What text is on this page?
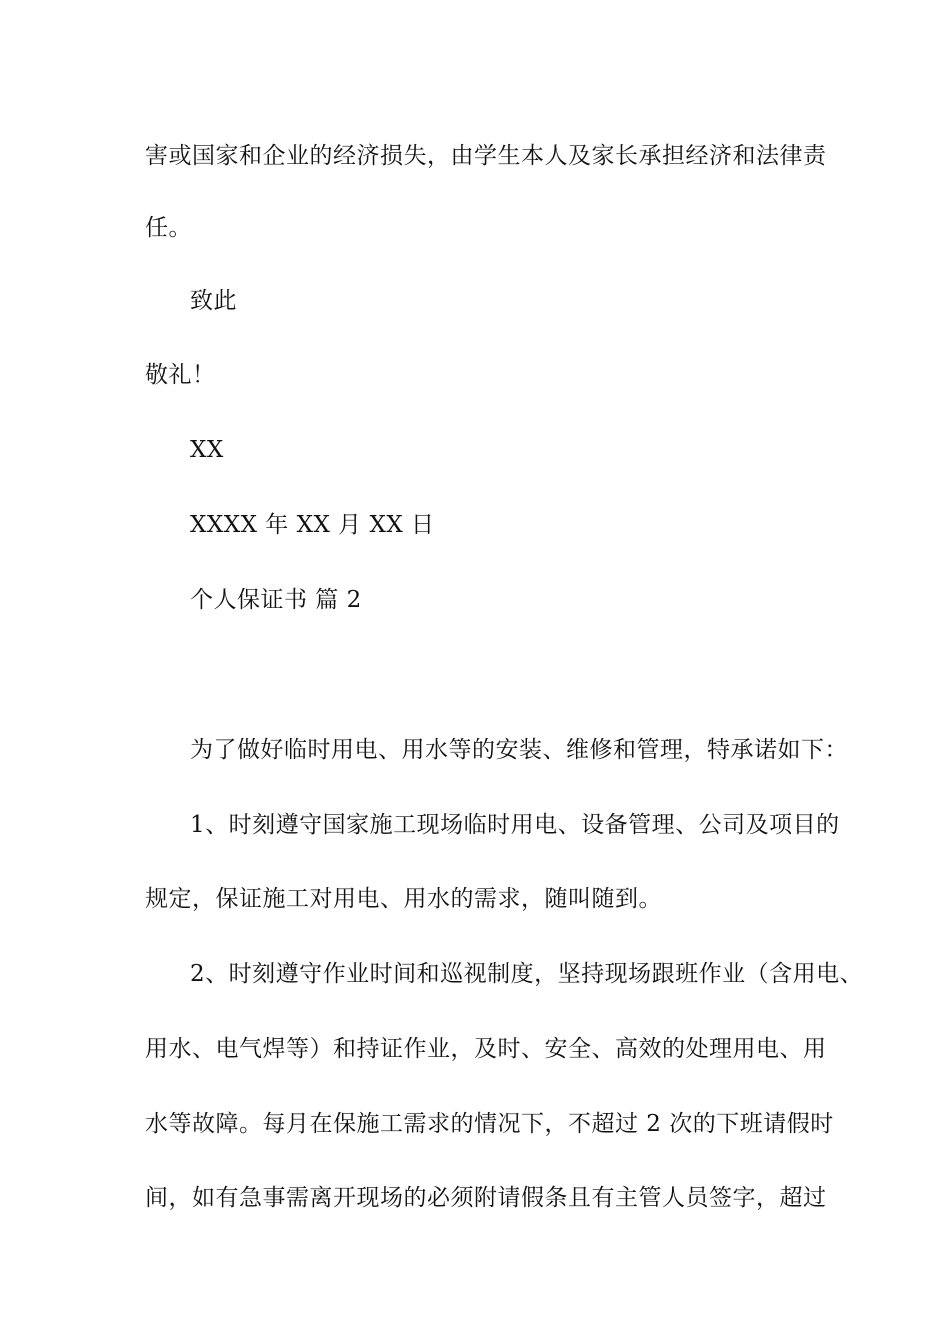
害或国家和企业的经济损失，由学生本人及家长承担经济和法律责
任。
致此
敬礼！
XX
XXXX 年 XX 月 XX 日
个人保证书 篇 2
为了做好临时用电、用水等的安装、维修和管理，特承诺如下：
1、时刻遵守国家施工现场临时用电、设备管理、公司及项目的
规定，保证施工对用电、用水的需求，随叫随到。
2、时刻遵守作业时间和巡视制度，坚持现场跟班作业（含用电、
用水、电气焊等）和持证作业，及时、安全、高效的处理用电、用
水等故障。每月在保施工需求的情况下，不超过 2 次的下班请假时
间，如有急事需离开现场的必须附请假条且有主管人员签字，超过
